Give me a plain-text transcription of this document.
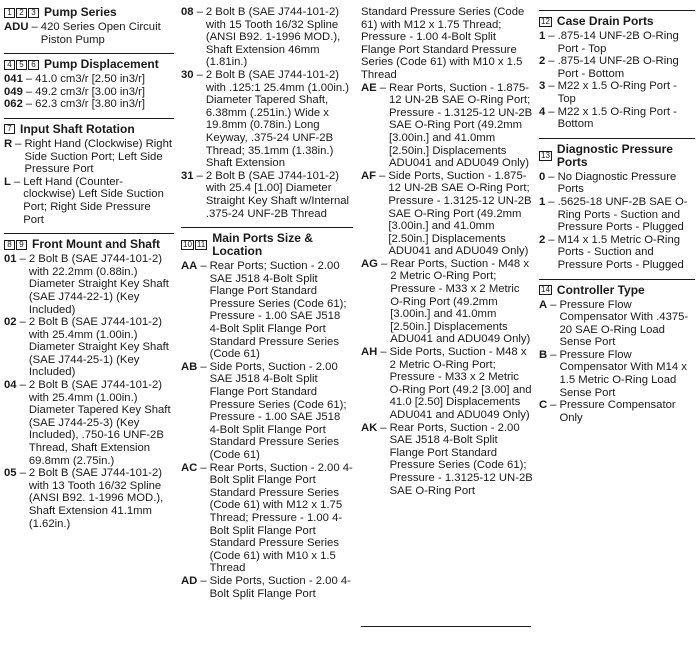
1 2 3 Pump Series
ADU – 420 Series Open Circuit Piston Pump
4 5 6 Pump Displacement
041 – 41.0 cm3/r [2.50 in3/r]
049 – 49.2 cm3/r [3.00 in3/r]
062 – 62.3 cm3/r [3.80 in3/r]
7 Input Shaft Rotation
R – Right Hand (Clockwise) Right Side Suction Port; Left Side Pressure Port
L – Left Hand (Counter-clockwise) Left Side Suction Port; Right Side Pressure Port
8 9 Front Mount and Shaft
01 – 2 Bolt B (SAE J744-101-2) with 22.2mm (0.88in.) Diameter Straight Key Shaft (SAE J744-22-1) (Key Included)
02 – 2 Bolt B (SAE J744-101-2) with 25.4mm (1.00in.) Diameter Straight Key Shaft (SAE J744-25-1) (Key Included)
04 – 2 Bolt B (SAE J744-101-2) with 25.4mm (1.00in.) Diameter Tapered Key Shaft (SAE J744-25-3) (Key Included), .750-16 UNF-2B Thread, Shaft Extension 69.8mm (2.75in.)
05 – 2 Bolt B (SAE J744-101-2) with 13 Tooth 16/32 Spline (ANSI B92. 1-1996 MOD.), Shaft Extension 41.1mm (1.62in.)
08 – 2 Bolt B (SAE J744-101-2) with 15 Tooth 16/32 Spline (ANSI B92. 1-1996 MOD.), Shaft Extension 46mm (1.81in.)
30 – 2 Bolt B (SAE J744-101-2) with .125:1 25.4mm (1.00in.) Diameter Tapered Shaft, 6.38mm (.251in.) Wide x 19.8mm (0.78in.) Long Keyway, .375-24 UNF-2B Thread; 35.1mm (1.38in.) Shaft Extension
31 – 2 Bolt B (SAE J744-101-2) with 25.4 [1.00] Diameter Straight Key Shaft w/Internal .375-24 UNF-2B Thread
10 11 Main Ports Size & Location
AA – Rear Ports; Suction - 2.00 SAE J518 4-Bolt Split Flange Port Standard Pressure Series (Code 61); Pressure - 1.00 SAE J518 4-Bolt Split Flange Port Standard Pressure Series (Code 61)
AB – Side Ports, Suction - 2.00 SAE J518 4-Bolt Split Flange Port Standard Pressure Series (Code 61); Pressure - 1.00 SAE J518 4-Bolt Split Flange Port Standard Pressure Series (Code 61)
AC – Rear Ports, Suction - 2.00 4-Bolt Split Flange Port Standard Pressure Series (Code 61) with M12 x 1.75 Thread; Pressure - 1.00 4-Bolt Split Flange Port Standard Pressure Series (Code 61) with M10 x 1.5 Thread
AD – Side Ports, Suction - 2.00 4-Bolt Split Flange Port
Standard Pressure Series (Code 61) with M12 x 1.75 Thread; Pressure - 1.00 4-Bolt Split Flange Port Standard Pressure Series (Code 61) with M10 x 1.5 Thread
AE – Rear Ports, Suction - 1.875-12 UN-2B SAE O-Ring Port; Pressure - 1.3125-12 UN-2B SAE O-Ring Port (49.2mm [3.00in.] and 41.0mm [2.50in.] Displacements ADU041 and ADU049 Only)
AF – Side Ports, Suction - 1.875-12 UN-2B SAE O-Ring Port; Pressure - 1.3125-12 UN-2B SAE O-Ring Port (49.2mm [3.00in.] and 41.0mm [2.50in.] Displacements ADU041 and ADU049 Only)
AG – Rear Ports, Suction - M48 x 2 Metric O-Ring Port; Pressure - M33 x 2 Metric O-Ring Port (49.2mm [3.00in.] and 41.0mm [2.50in.] Displacements ADU041 and ADU049 Only)
AH – Side Ports, Suction - M48 x 2 Metric O-Ring Port; Pressure - M33 x 2 Metric O-Ring Port (49.2 [3.00] and 41.0 [2.50] Displacements ADU041 and ADU049 Only)
AK – Rear Ports, Suction - 2.00 SAE J518 4-Bolt Split Flange Port Standard Pressure Series (Code 61); Pressure - 1.3125-12 UN-2B SAE O-Ring Port
12 Case Drain Ports
1 – .875-14 UNF-2B O-Ring Port - Top
2 – .875-14 UNF-2B O-Ring Port - Bottom
3 – M22 x 1.5 O-Ring Port - Top
4 – M22 x 1.5 O-Ring Port - Bottom
13 Diagnostic Pressure Ports
0 – No Diagnostic Pressure Ports
1 – .5625-18 UNF-2B SAE O-Ring Ports - Suction and Pressure Ports - Plugged
2 – M14 x 1.5 Metric O-Ring Ports - Suction and Pressure Ports - Plugged
14 Controller Type
A – Pressure Flow Compensator With .4375-20 SAE O-Ring Load Sense Port
B – Pressure Flow Compensator With M14 x 1.5 Metric O-Ring Load Sense Port
C – Pressure Compensator Only
